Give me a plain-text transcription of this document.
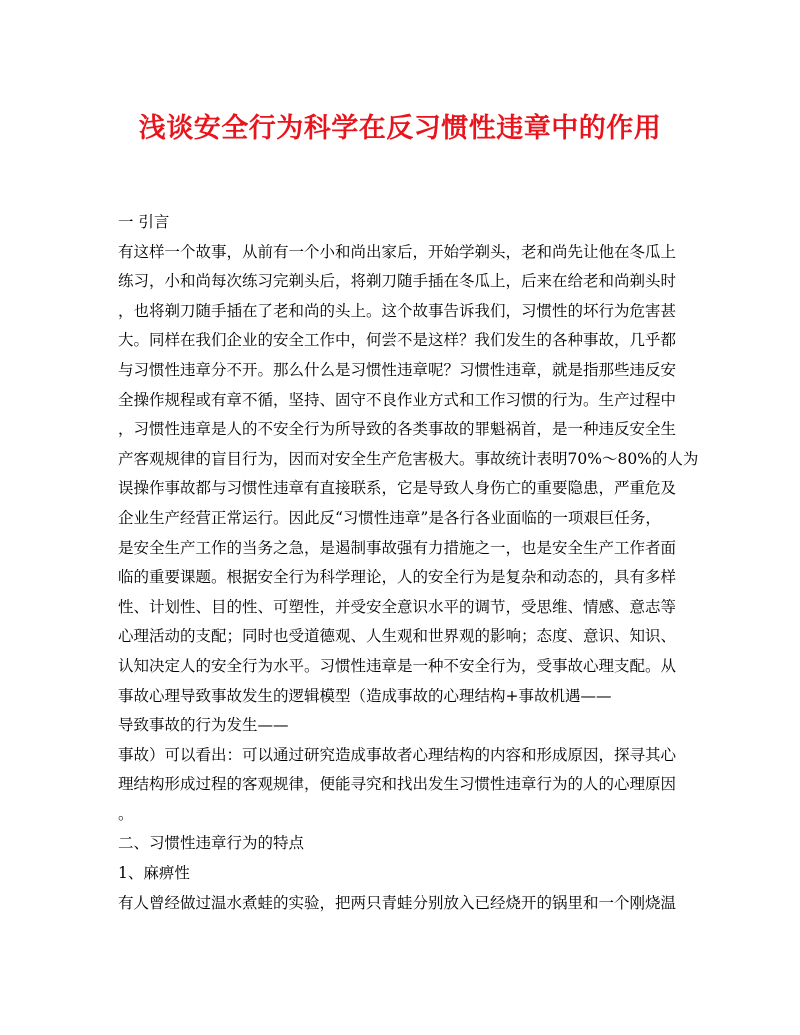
浅谈安全行为科学在反习惯性违章中的作用
一 引言
有这样一个故事，从前有一个小和尚出家后，开始学剃头，老和尚先让他在冬瓜上
练习，小和尚每次练习完剃头后，将剃刀随手插在冬瓜上，后来在给老和尚剃头时
，也将剃刀随手插在了老和尚的头上。这个故事告诉我们，习惯性的坏行为危害甚
大。同样在我们企业的安全工作中，何尝不是这样？我们发生的各种事故，几乎都
与习惯性违章分不开。那么什么是习惯性违章呢？习惯性违章，就是指那些违反安
全操作规程或有章不循，坚持、固守不良作业方式和工作习惯的行为。生产过程中
，习惯性违章是人的不安全行为所导致的各类事故的罪魁祸首，是一种违反安全生
产客观规律的盲目行为，因而对安全生产危害极大。事故统计表明70%～80%的人为
误操作事故都与习惯性违章有直接联系，它是导致人身伤亡的重要隐患，严重危及
企业生产经营正常运行。因此反“习惯性违章”是各行各业面临的一项艰巨任务，
是安全生产工作的当务之急，是遏制事故强有力措施之一，也是安全生产工作者面
临的重要课题。根据安全行为科学理论，人的安全行为是复杂和动态的，具有多样
性、计划性、目的性、可塑性，并受安全意识水平的调节，受思维、情感、意志等
心理活动的支配；同时也受道德观、人生观和世界观的影响；态度、意识、知识、
认知决定人的安全行为水平。习惯性违章是一种不安全行为，受事故心理支配。从
事故心理导致事故发生的逻辑模型（造成事故的心理结构+事故机遇——
导致事故的行为发生——
事故）可以看出：可以通过研究造成事故者心理结构的内容和形成原因，探寻其心
理结构形成过程的客观规律，便能寻究和找出发生习惯性违章行为的人的心理原因
。
二、习惯性违章行为的特点
1、麻痹性
有人曾经做过温水煮蛙的实验，把两只青蛙分别放入已经烧开的锅里和一个刚烧温
